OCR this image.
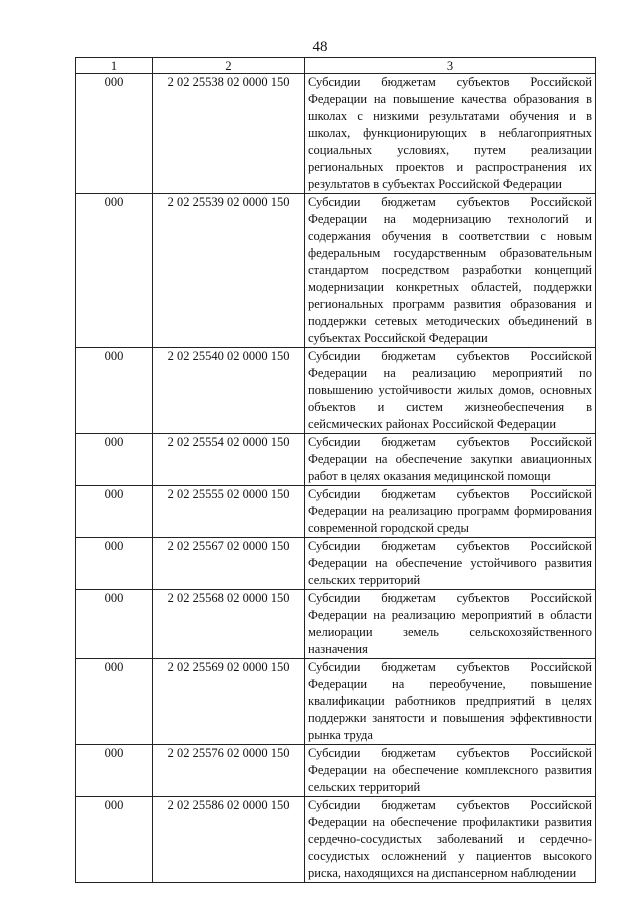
48
1	2	3
000	2 02 25538 02 0000 150	Субсидии бюджетам субъектов Российской Федерации на повышение качества образования в школах с низкими результатами обучения и в школах, функционирующих в неблагоприятных социальных условиях, путем реализации региональных проектов и распространения их результатов в субъектах Российской Федерации
000	2 02 25539 02 0000 150	Субсидии бюджетам субъектов Российской Федерации на модернизацию технологий и содержания обучения в соответствии с новым федеральным государственным образовательным стандартом посредством разработки концепций модернизации конкретных областей, поддержки региональных программ развития образования и поддержки сетевых методических объединений в субъектах Российской Федерации
000	2 02 25540 02 0000 150	Субсидии бюджетам субъектов Российской Федерации на реализацию мероприятий по повышению устойчивости жилых домов, основных объектов и систем жизнеобеспечения в сейсмических районах Российской Федерации
000	2 02 25554 02 0000 150	Субсидии бюджетам субъектов Российской Федерации на обеспечение закупки авиационных работ в целях оказания медицинской помощи
000	2 02 25555 02 0000 150	Субсидии бюджетам субъектов Российской Федерации на реализацию программ формирования современной городской среды
000	2 02 25567 02 0000 150	Субсидии бюджетам субъектов Российской Федерации на обеспечение устойчивого развития сельских территорий
000	2 02 25568 02 0000 150	Субсидии бюджетам субъектов Российской Федерации на реализацию мероприятий в области мелиорации земель сельскохозяйственного назначения
000	2 02 25569 02 0000 150	Субсидии бюджетам субъектов Российской Федерации на переобучение, повышение квалификации работников предприятий в целях поддержки занятости и повышения эффективности рынка труда
000	2 02 25576 02 0000 150	Субсидии бюджетам субъектов Российской Федерации на обеспечение комплексного развития сельских территорий
000	2 02 25586 02 0000 150	Субсидии бюджетам субъектов Российской Федерации на обеспечение профилактики развития сердечно-сосудистых заболеваний и сердечно-сосудистых осложнений у пациентов высокого риска, находящихся на диспансерном наблюдении
